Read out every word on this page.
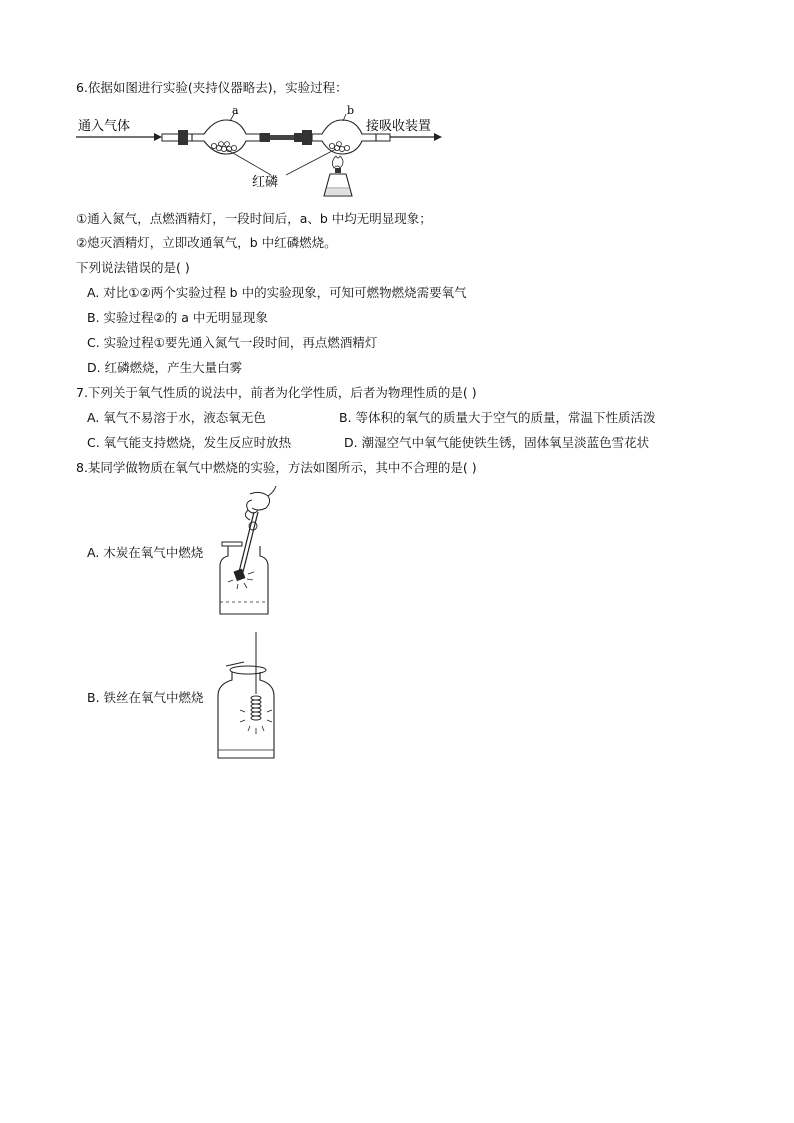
6.依据如图进行实验(夹持仪器略去)，实验过程：
通入气体
a	b
接吸收装置
红磷
①通入氮气，点燃酒精灯，一段时间后，a、b 中均无明显现象；
②熄灭酒精灯，立即改通氧气，b 中红磷燃烧。
下列说法错误的是( )
A. 对比①②两个实验过程 b 中的实验现象，可知可燃物燃烧需要氧气
B. 实验过程②的 a 中无明显现象
C. 实验过程①要先通入氮气一段时间，再点燃酒精灯
D. 红磷燃烧，产生大量白雾
7.下列关于氧气性质的说法中，前者为化学性质，后者为物理性质的是( )
A. 氧气不易溶于水，液态氧无色	B. 等体积的氧气的质量大于空气的质量，常温下性质活泼
C. 氧气能支持燃烧，发生反应时放热	D. 潮湿空气中氧气能使铁生锈，固体氧呈淡蓝色雪花状
8.某同学做物质在氧气中燃烧的实验，方法如图所示，其中不合理的是( )
A. 木炭在氧气中燃烧
B. 铁丝在氧气中燃烧
